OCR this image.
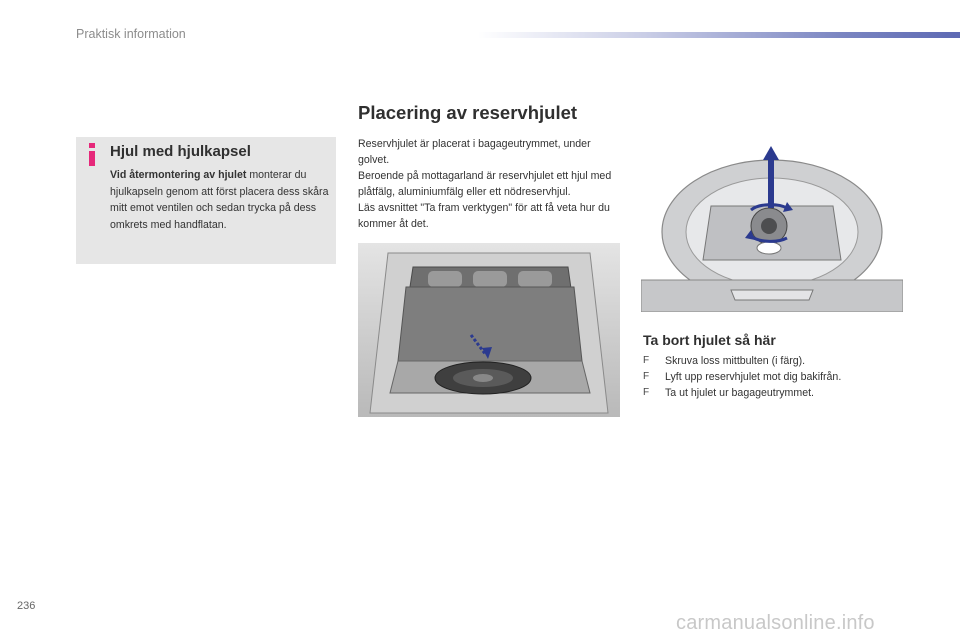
Praktisk information
Hjul med hjulkapsel
Vid återmontering av hjulet monterar du hjulkapseln genom att först placera dess skåra mitt emot ventilen och sedan trycka på dess omkrets med handflatan.
Placering av reservhjulet

Reservhjulet är placerat i bagageutrymmet, under golvet.

Beroende på mottagarland är reservhjulet ett hjul med plåtfälg, aluminiumfälg eller ett nödreservhjul.

Läs avsnittet "Ta fram verktygen" för att få veta hur du kommer åt det.

Ta bort hjulet så här
F Skruva loss mittbulten (i färg).
F Lyft upp reservhjulet mot dig bakifrån.
F Ta ut hjulet ur bagageutrymmet.
236
carmanualsonline.info
